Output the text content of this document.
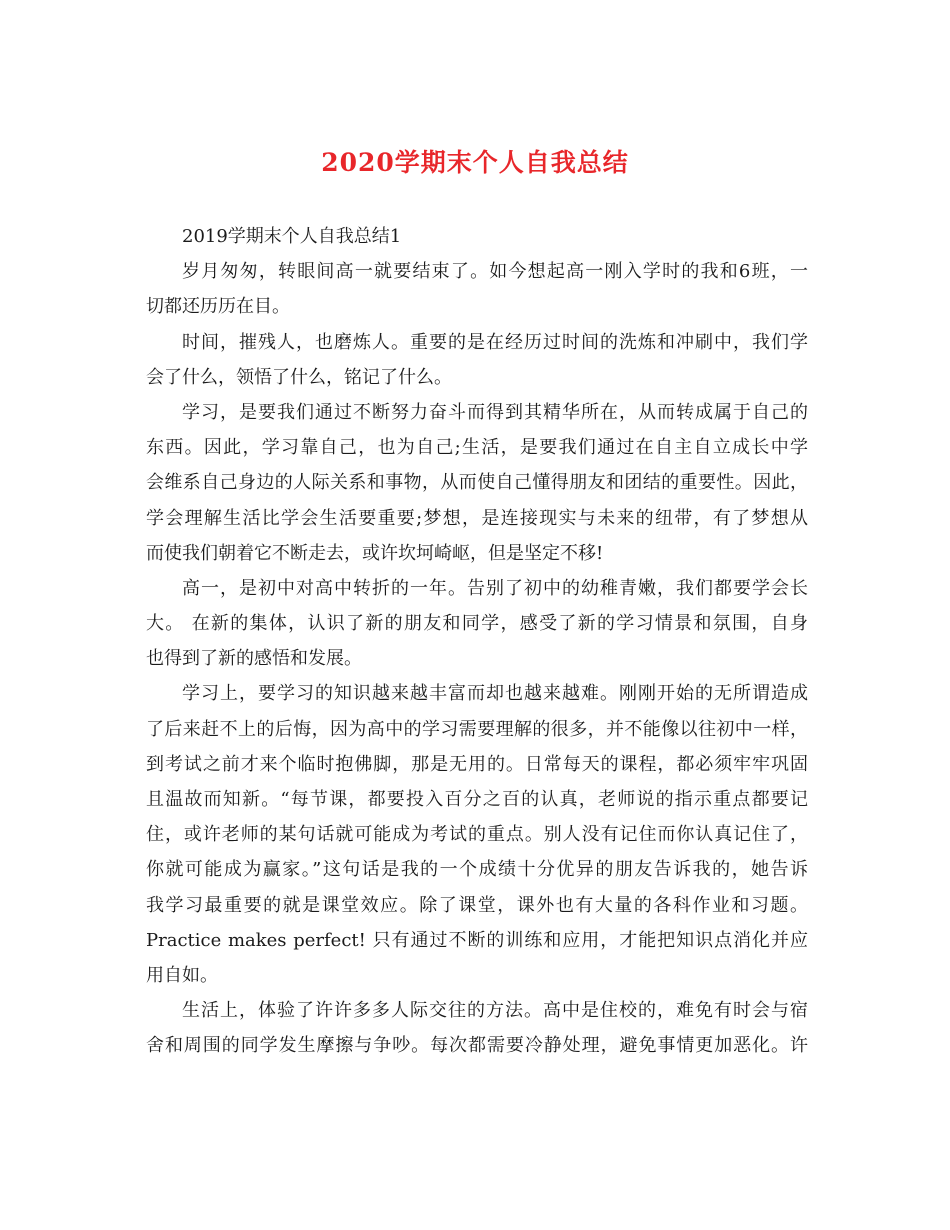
2020学期末个人自我总结
2019学期末个人自我总结1
岁月匆匆，转眼间高一就要结束了。如今想起高一刚入学时的我和6班，一
切都还历历在目。
时间，摧残人，也磨炼人。重要的是在经历过时间的洗炼和冲刷中，我们学
会了什么，领悟了什么，铭记了什么。
学习，是要我们通过不断努力奋斗而得到其精华所在，从而转成属于自己的
东西。因此，学习靠自己，也为自己;生活，是要我们通过在自主自立成长中学
会维系自己身边的人际关系和事物，从而使自己懂得朋友和团结的重要性。因此，
学会理解生活比学会生活要重要;梦想，是连接现实与未来的纽带，有了梦想从
而使我们朝着它不断走去，或许坎坷崎岖，但是坚定不移!
高一，是初中对高中转折的一年。告别了初中的幼稚青嫩，我们都要学会长
大。 在新的集体，认识了新的朋友和同学，感受了新的学习情景和氛围，自身
也得到了新的感悟和发展。
学习上，要学习的知识越来越丰富而却也越来越难。刚刚开始的无所谓造成
了后来赶不上的后悔，因为高中的学习需要理解的很多，并不能像以往初中一样，
到考试之前才来个临时抱佛脚，那是无用的。日常每天的课程，都必须牢牢巩固
且温故而知新。“每节课，都要投入百分之百的认真，老师说的指示重点都要记
住，或许老师的某句话就可能成为考试的重点。别人没有记住而你认真记住了，
你就可能成为赢家。”这句话是我的一个成绩十分优异的朋友告诉我的，她告诉
我学习最重要的就是课堂效应。除了课堂，课外也有大量的各科作业和习题。
Practice makes perfect! 只有通过不断的训练和应用，才能把知识点消化并应
用自如。
生活上，体验了许许多多人际交往的方法。高中是住校的，难免有时会与宿
舍和周围的同学发生摩擦与争吵。每次都需要冷静处理，避免事情更加恶化。许
